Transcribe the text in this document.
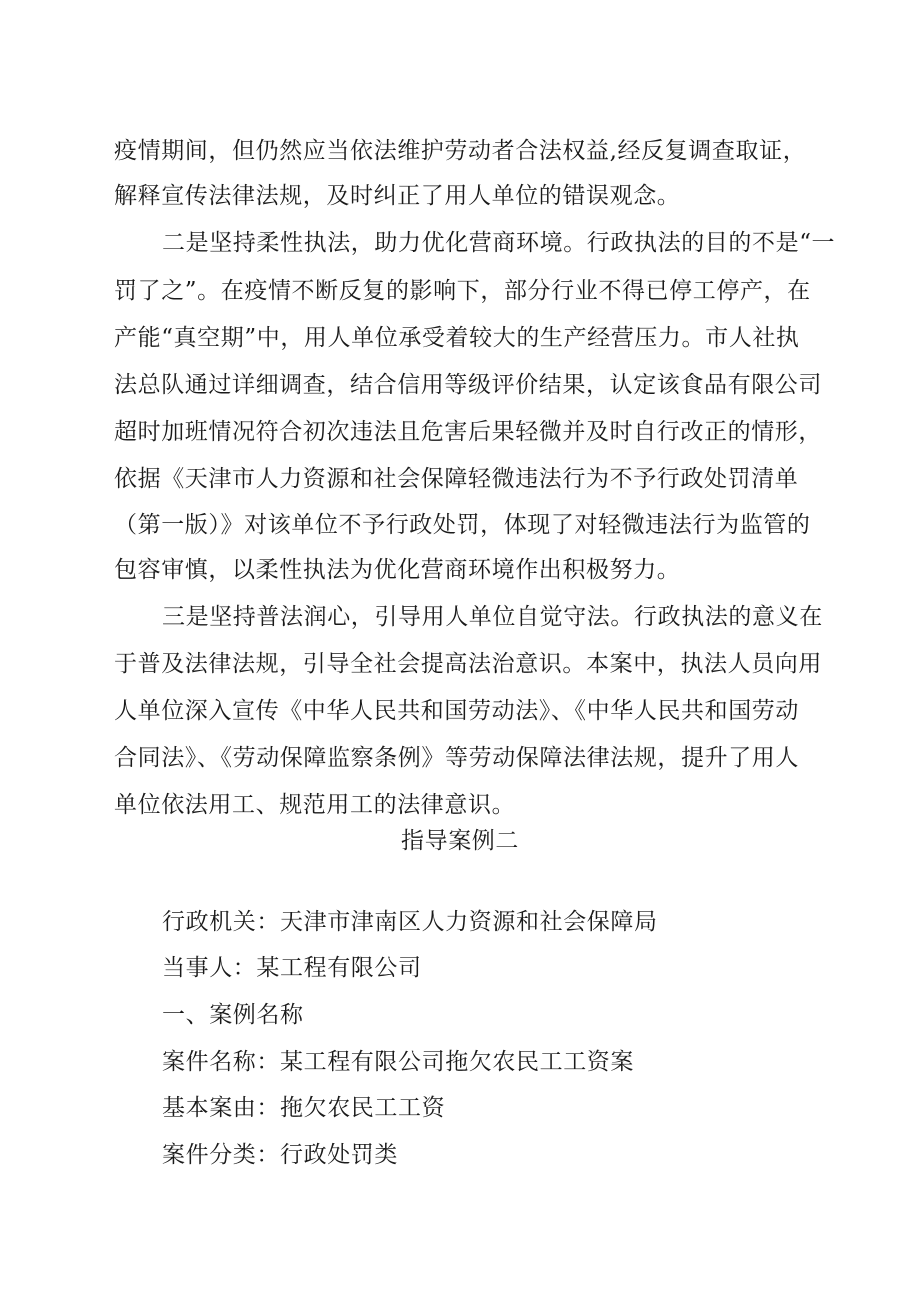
疫情期间，但仍然应当依法维护劳动者合法权益,经反复调查取证，
解释宣传法律法规，及时纠正了用人单位的错误观念。
二是坚持柔性执法，助力优化营商环境。行政执法的目的不是“一
罚了之”。在疫情不断反复的影响下，部分行业不得已停工停产，在
产能“真空期”中，用人单位承受着较大的生产经营压力。市人社执
法总队通过详细调查，结合信用等级评价结果，认定该食品有限公司
超时加班情况符合初次违法且危害后果轻微并及时自行改正的情形，
依据《天津市人力资源和社会保障轻微违法行为不予行政处罚清单
（第一版）》对该单位不予行政处罚，体现了对轻微违法行为监管的
包容审慎，以柔性执法为优化营商环境作出积极努力。
三是坚持普法润心，引导用人单位自觉守法。行政执法的意义在
于普及法律法规，引导全社会提高法治意识。本案中，执法人员向用
人单位深入宣传《中华人民共和国劳动法》、《中华人民共和国劳动
合同法》、《劳动保障监察条例》等劳动保障法律法规，提升了用人
单位依法用工、规范用工的法律意识。
指导案例二
行政机关：天津市津南区人力资源和社会保障局
当事人：某工程有限公司
一、案例名称
案件名称：某工程有限公司拖欠农民工工资案
基本案由：拖欠农民工工资
案件分类：行政处罚类
